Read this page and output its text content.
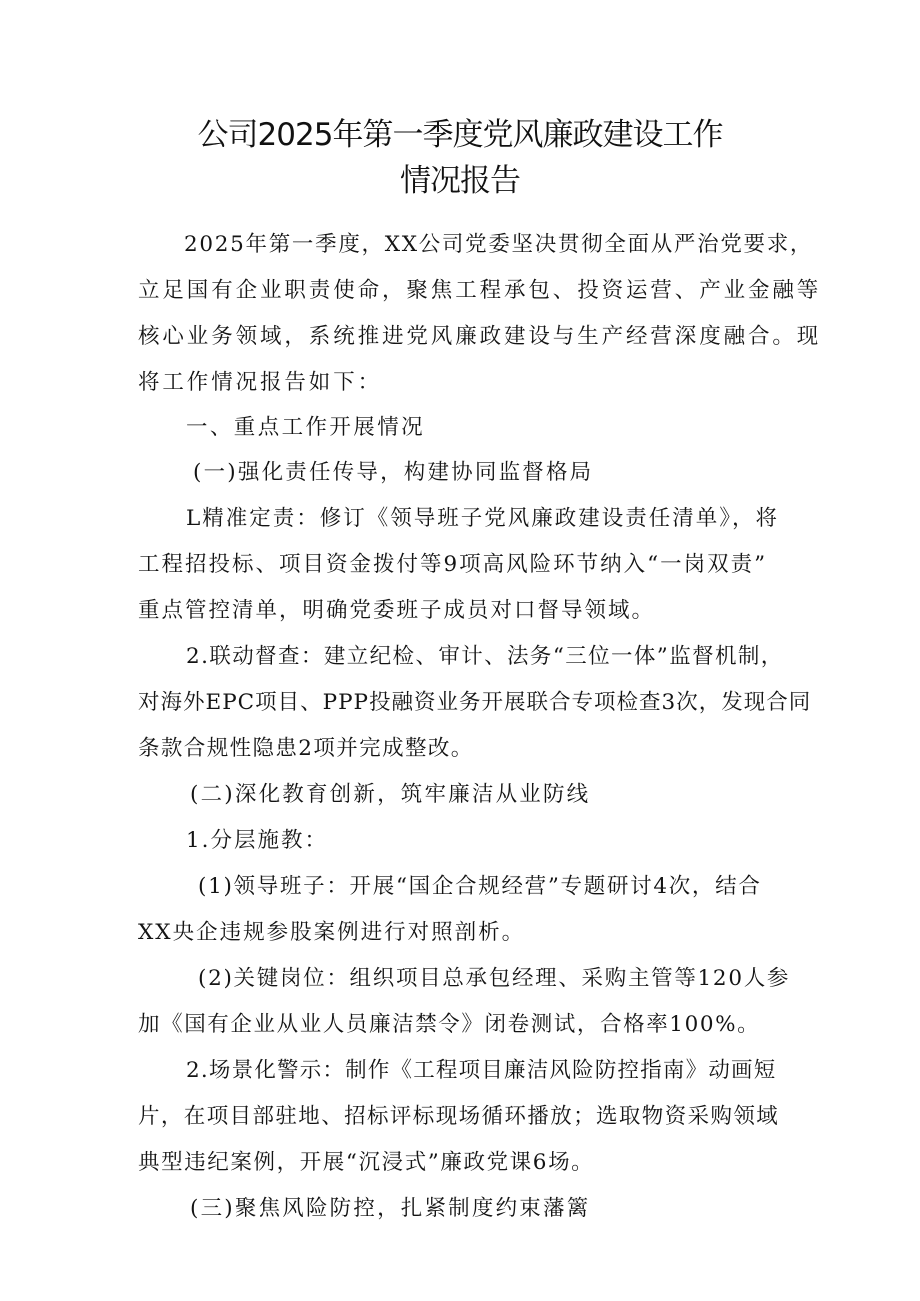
公司2025年第一季度党风廉政建设工作
情况报告
2025年第一季度，XX公司党委坚决贯彻全面从严治党要求，
立足国有企业职责使命，聚焦工程承包、投资运营、产业金融等
核心业务领域，系统推进党风廉政建设与生产经营深度融合。现
将工作情况报告如下：
一、重点工作开展情况
(一)强化责任传导，构建协同监督格局
L精准定责：修订《领导班子党风廉政建设责任清单》，将
工程招投标、项目资金拨付等9项高风险环节纳入“一岗双责”
重点管控清单，明确党委班子成员对口督导领域。
2.联动督查：建立纪检、审计、法务“三位一体”监督机制，
对海外EPC项目、PPP投融资业务开展联合专项检查3次，发现合同
条款合规性隐患2项并完成整改。
(二)深化教育创新，筑牢廉洁从业防线
1.分层施教：
(1)领导班子：开展“国企合规经营”专题研讨4次，结合
XX央企违规参股案例进行对照剖析。
(2)关键岗位：组织项目总承包经理、采购主管等120人参
加《国有企业从业人员廉洁禁令》闭卷测试，合格率100%。
2.场景化警示：制作《工程项目廉洁风险防控指南》动画短
片，在项目部驻地、招标评标现场循环播放；选取物资采购领域
典型违纪案例，开展“沉浸式”廉政党课6场。
(三)聚焦风险防控，扎紧制度约束藩篱
